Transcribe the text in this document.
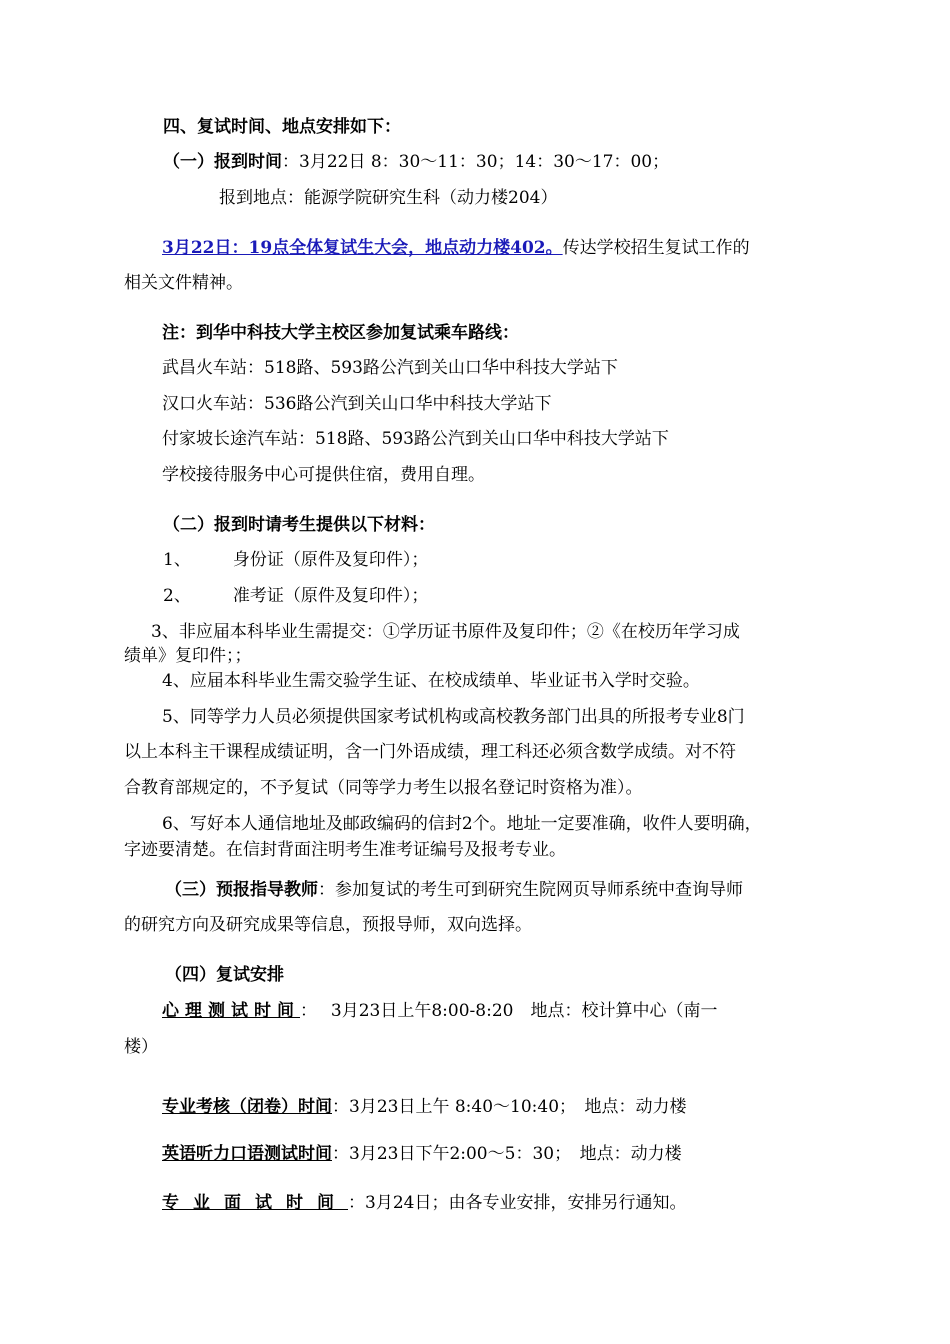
四、复试时间、地点安排如下：
（一）报到时间：3月22日 8：30～11：30；14：30～17：00；
报到地点：能源学院研究生科（动力楼204）
3月22日：19点全体复试生大会，地点动力楼402。传达学校招生复试工作的
相关文件精神。
注：到华中科技大学主校区参加复试乘车路线：
武昌火车站：518路、593路公汽到关山口华中科技大学站下
汉口火车站：536路公汽到关山口华中科技大学站下
付家坡长途汽车站：518路、593路公汽到关山口华中科技大学站下
学校接待服务中心可提供住宿，费用自理。
（二）报到时请考生提供以下材料：
1、 身份证（原件及复印件）；
2、 准考证（原件及复印件）；
3、非应届本科毕业生需提交：①学历证书原件及复印件；②《在校历年学习成
绩单》复印件；；
4、应届本科毕业生需交验学生证、在校成绩单、毕业证书入学时交验。
5、同等学力人员必须提供国家考试机构或高校教务部门出具的所报考专业8门
以上本科主干课程成绩证明，含一门外语成绩，理工科还必须含数学成绩。对不符
合教育部规定的，不予复试（同等学力考生以报名登记时资格为准）。
6、写好本人通信地址及邮政编码的信封2个。地址一定要准确，收件人要明确，
字迹要清楚。在信封背面注明考生准考证编号及报考专业。
（三）预报指导教师：参加复试的考生可到研究生院网页导师系统中查询导师
的研究方向及研究成果等信息，预报导师，双向选择。
（四）复试安排
心理测试时间：　 3月23日上午8:00-8:20　地点：校计算中心（南一
楼）
专业考核（闭卷）时间：3月23日上午 8:40～10:40；　地点：动力楼
英语听力口语测试时间：3月23日下午2:00～5：30；　地点：动力楼
专业面试时间：3月24日；由各专业安排，安排另行通知。
